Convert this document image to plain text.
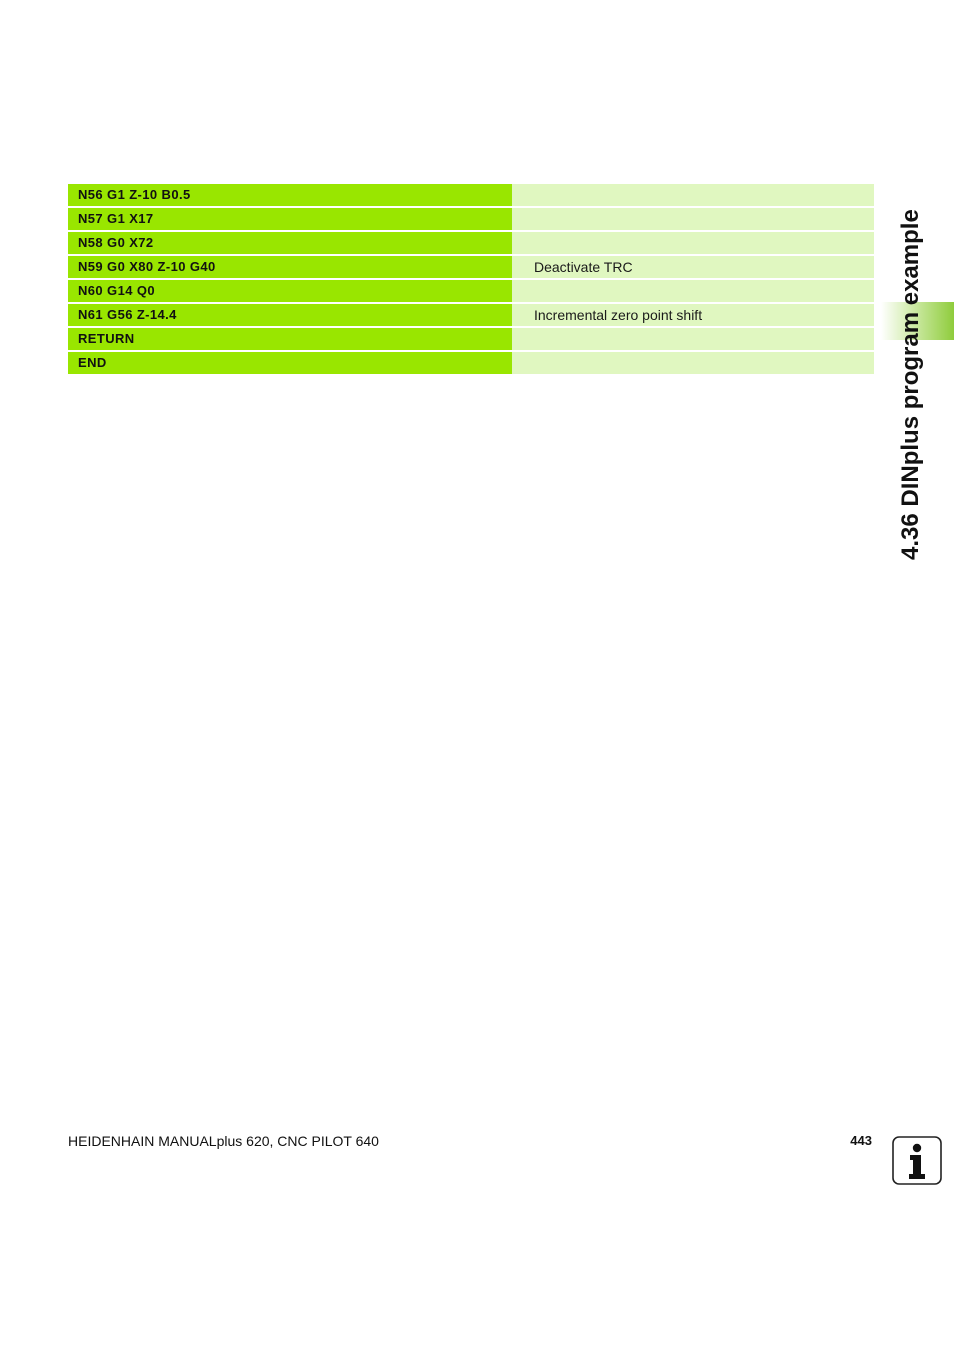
N56 G1 Z-10 B0.5
N57 G1 X17
N58 G0 X72
N59 G0 X80 Z-10 G40	Deactivate TRC
N60 G14 Q0
N61 G56 Z-14.4	Incremental zero point shift
RETURN
END	4.36 DINplus program example
HEIDENHAIN MANUALplus 620, CNC PILOT 640	443
